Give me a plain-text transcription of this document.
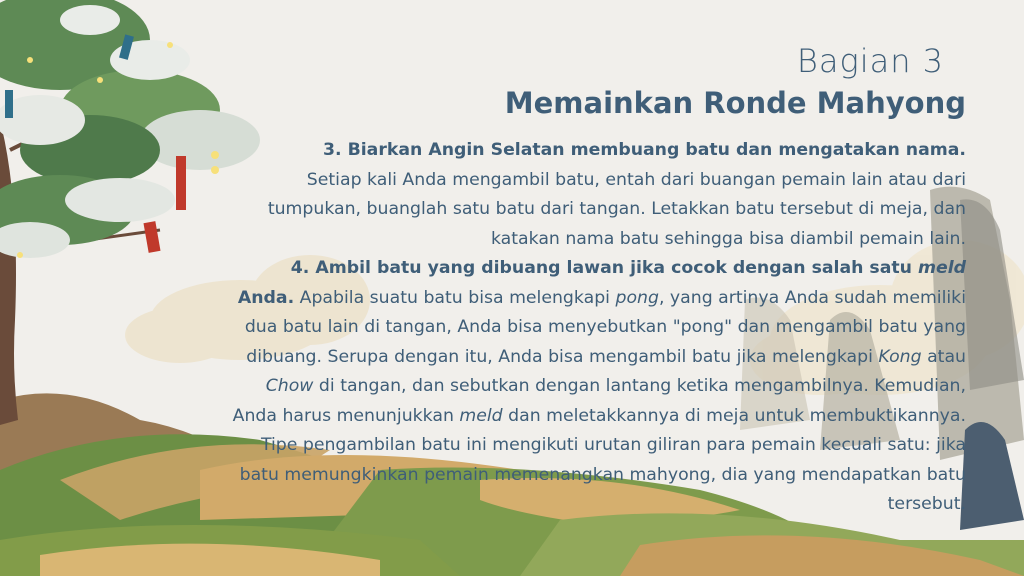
Bagian 3
Memainkan Ronde Mahyong

3. Biarkan Angin Selatan membuang batu dan mengatakan nama.
Setiap kali Anda mengambil batu, entah dari buangan pemain lain atau dari tumpukan, buanglah satu batu dari tangan. Letakkan batu tersebut di meja, dan katakan nama batu sehingga bisa diambil pemain lain.

4. Ambil batu yang dibuang lawan jika cocok dengan salah satu meld Anda. Apabila suatu batu bisa melengkapi pong, yang artinya Anda sudah memiliki dua batu lain di tangan, Anda bisa menyebutkan "pong" dan mengambil batu yang dibuang. Serupa dengan itu, Anda bisa mengambil batu jika melengkapi Kong atau Chow di tangan, dan sebutkan dengan lantang ketika mengambilnya. Kemudian, Anda harus menunjukkan meld dan meletakkannya di meja untuk membuktikannya. Tipe pengambilan batu ini mengikuti urutan giliran para pemain kecuali satu: jika batu memungkinkan pemain memenangkan mahyong, dia yang mendapatkan batu tersebut.
